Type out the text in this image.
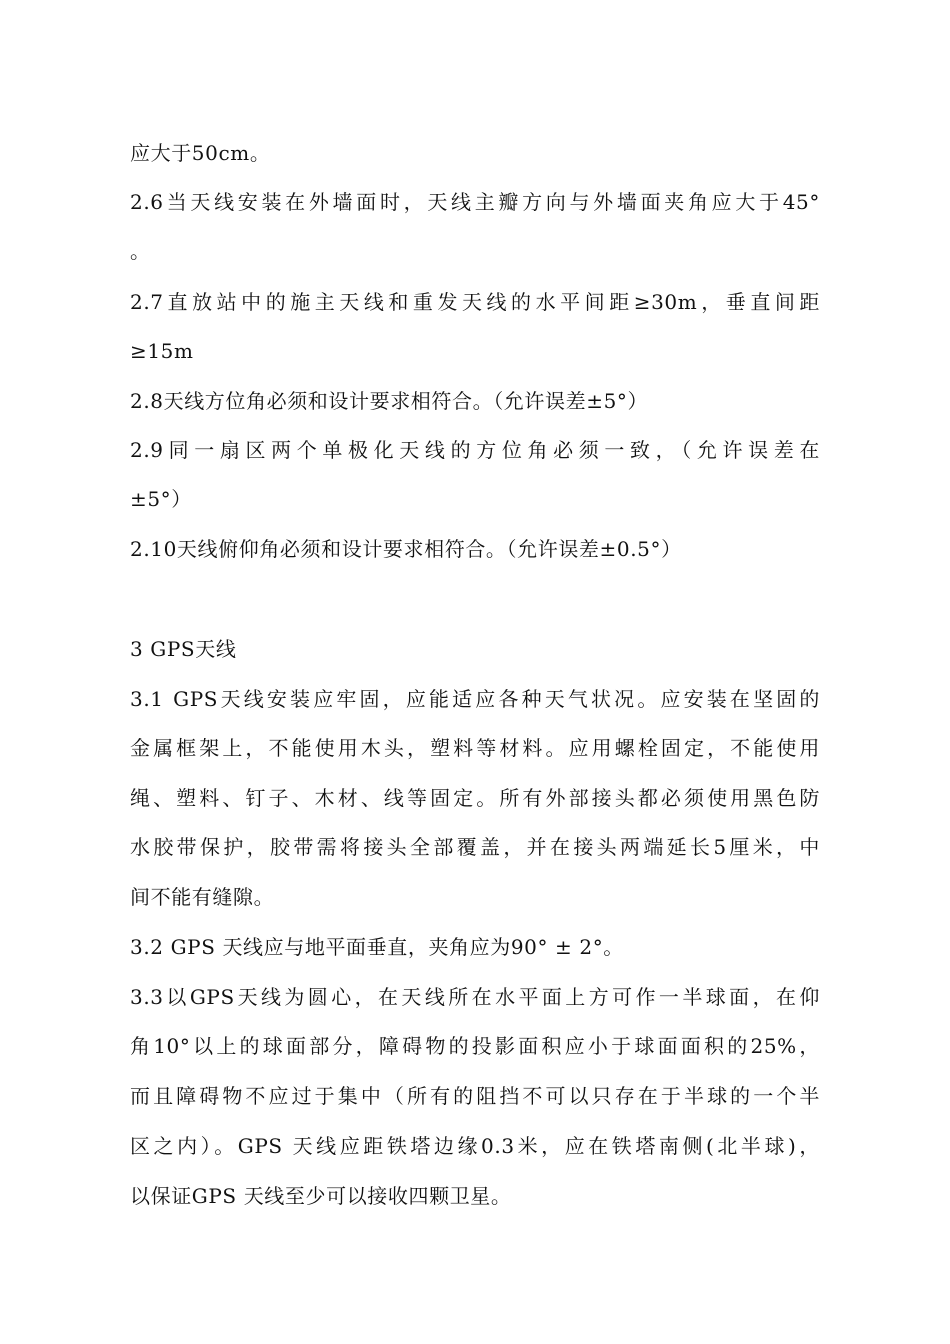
应大于50cm。
2.6当天线安装在外墙面时，天线主瓣方向与外墙面夹角应大于45°
。
2.7直放站中的施主天线和重发天线的水平间距≥30m，垂直间距
≥15m
2.8天线方位角必须和设计要求相符合。（允许误差±5°）
2.9同一扇区两个单极化天线的方位角必须一致，（允许误差在
±5°）
2.10天线俯仰角必须和设计要求相符合。（允许误差±0.5°）
3 GPS天线
3.1 GPS天线安装应牢固，应能适应各种天气状况。应安装在坚固的
金属框架上，不能使用木头，塑料等材料。应用螺栓固定，不能使用
绳、塑料、钉子、木材、线等固定。所有外部接头都必须使用黑色防
水胶带保护，胶带需将接头全部覆盖，并在接头两端延长5厘米，中
间不能有缝隙。
3.2 GPS 天线应与地平面垂直，夹角应为90° ± 2°。
3.3以GPS天线为圆心，在天线所在水平面上方可作一半球面，在仰
角10°以上的球面部分，障碍物的投影面积应小于球面面积的25%，
而且障碍物不应过于集中（所有的阻挡不可以只存在于半球的一个半
区之内）。GPS 天线应距铁塔边缘0.3米，应在铁塔南侧(北半球)，
以保证GPS 天线至少可以接收四颗卫星。
